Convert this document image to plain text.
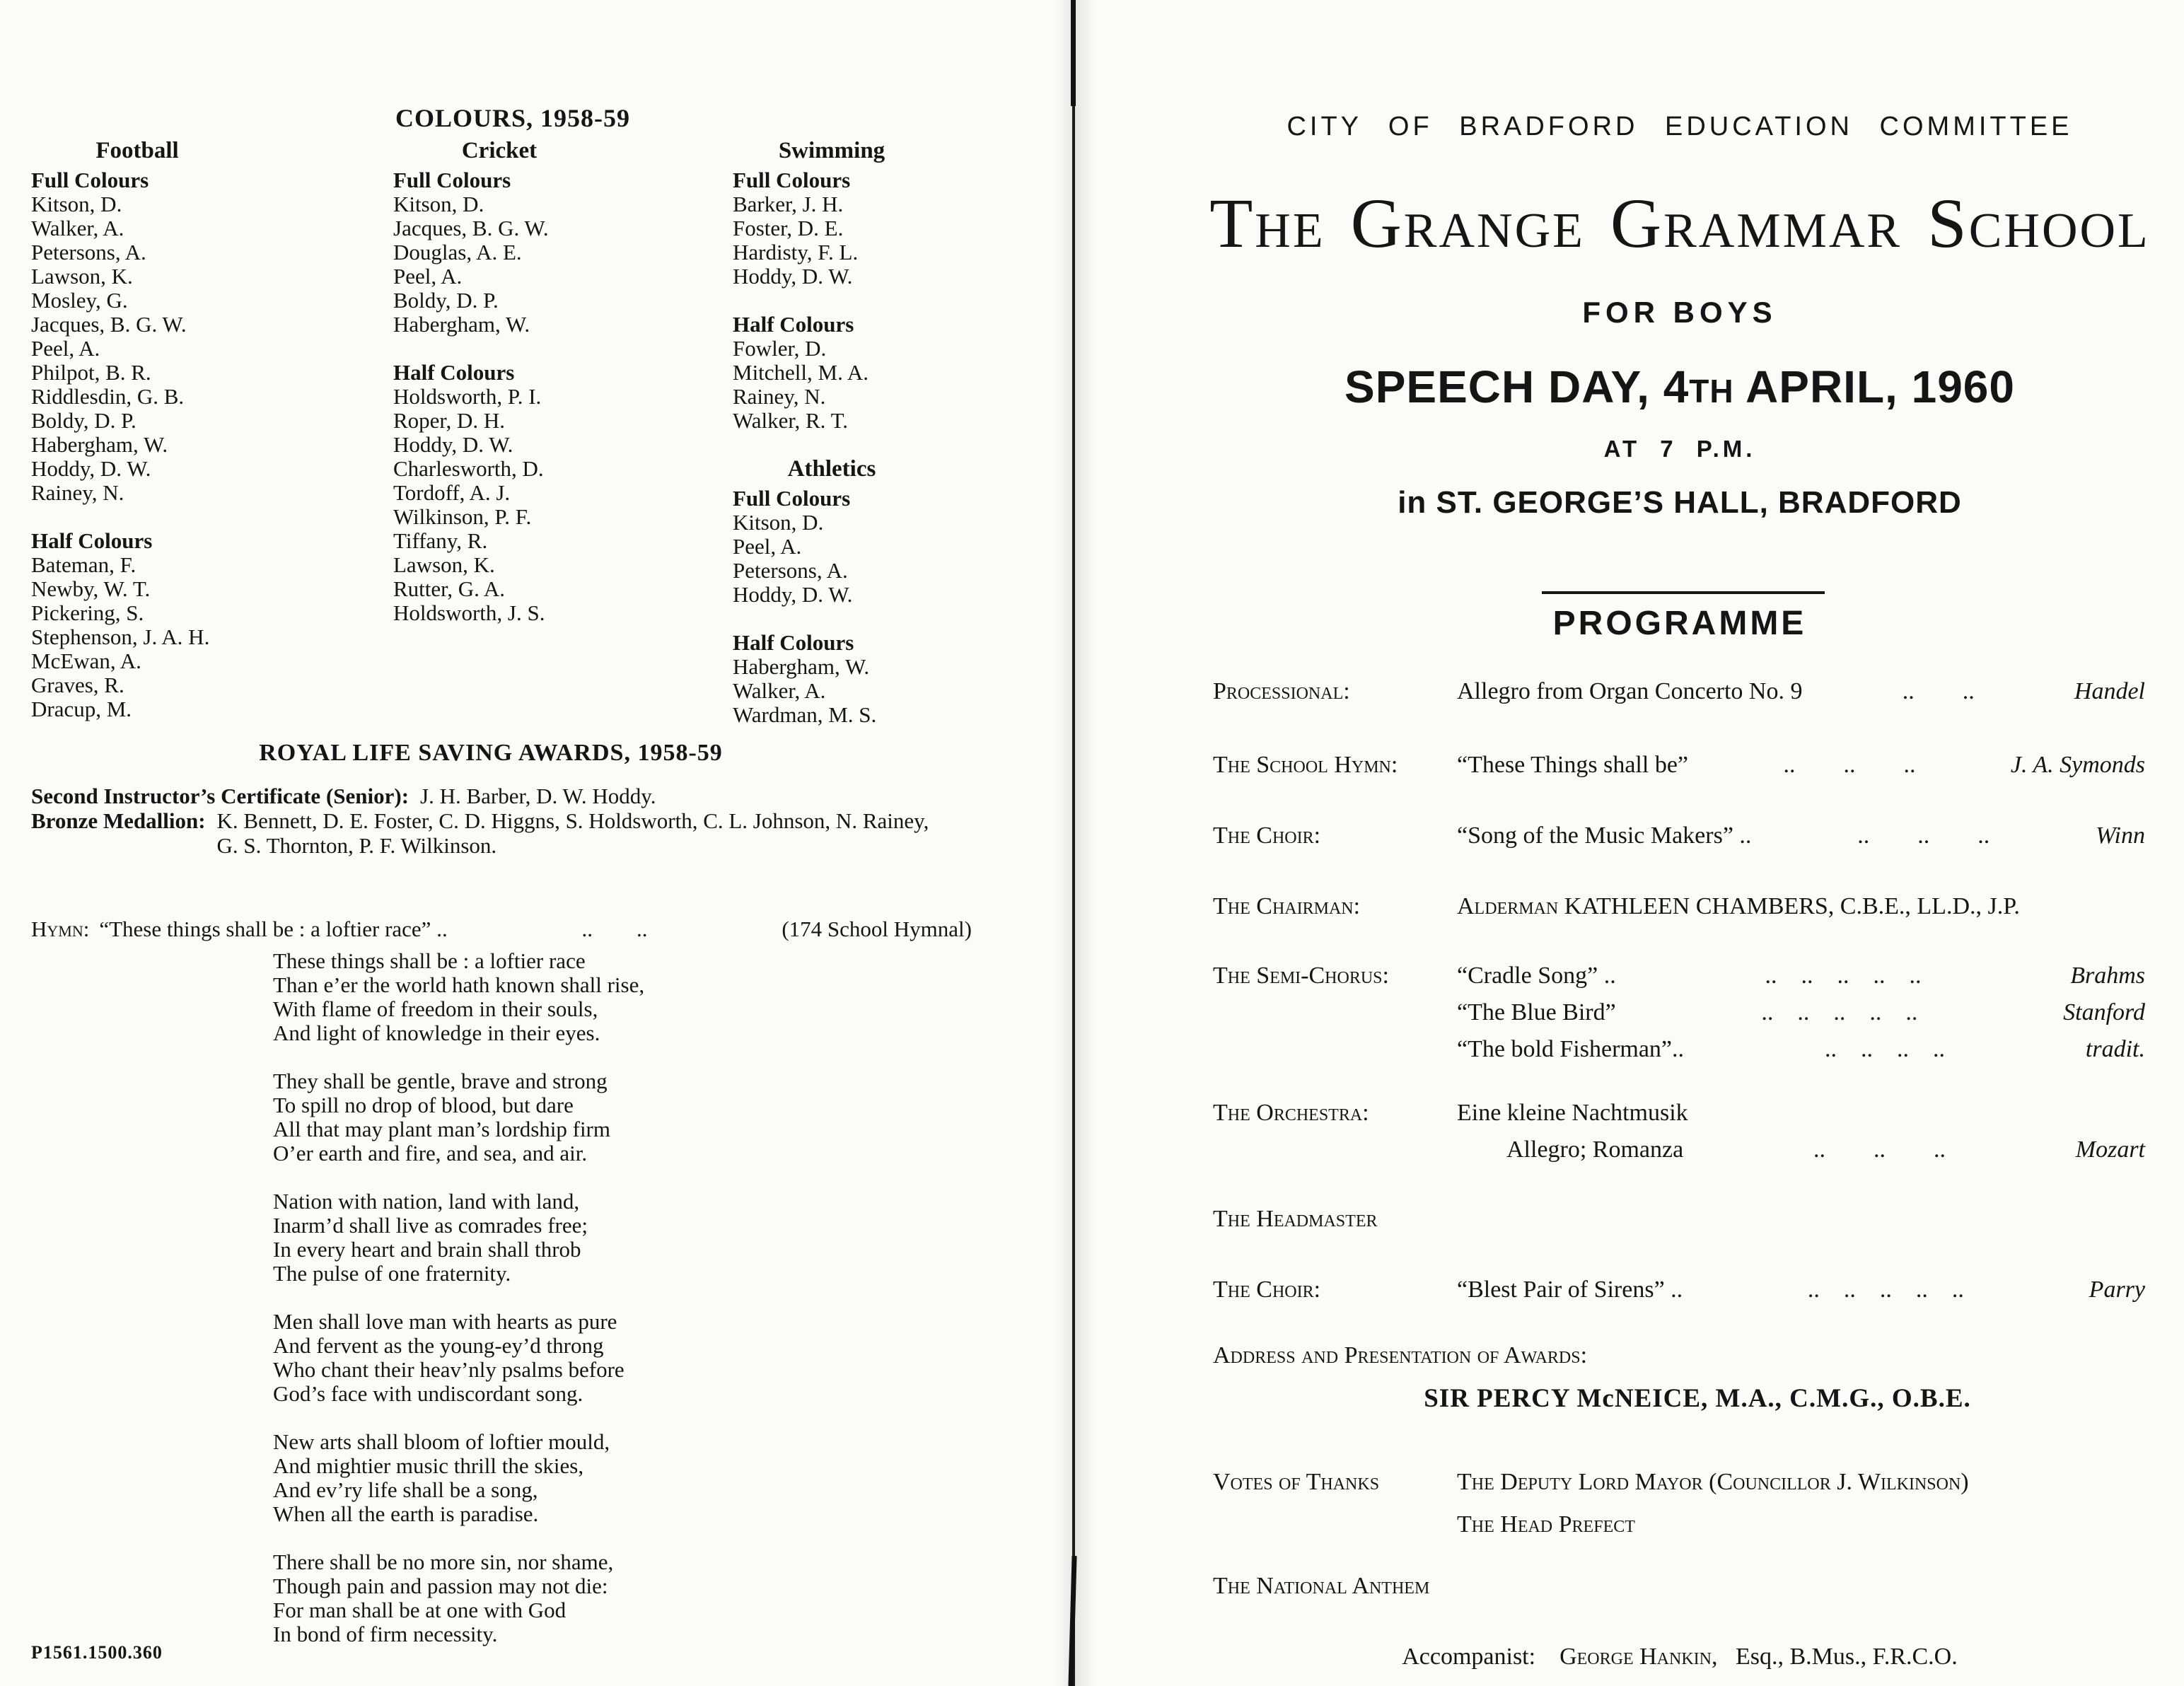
COLOURS, 1958-59
Football
Full Colours
Kitson, D.
Walker, A.
Petersons, A.
Lawson, K.
Mosley, G.
Jacques, B. G. W.
Peel, A.
Philpot, B. R.
Riddlesdin, G. B.
Boldy, D. P.
Habergham, W.
Hoddy, D. W.
Rainey, N.
Half Colours
Bateman, F.
Newby, W. T.
Pickering, S.
Stephenson, J. A. H.
McEwan, A.
Graves, R.
Dracup, M.
Cricket
Full Colours
Kitson, D.
Jacques, B. G. W.
Douglas, A. E.
Peel, A.
Boldy, D. P.
Habergham, W.
Half Colours
Holdsworth, P. I.
Roper, D. H.
Hoddy, D. W.
Charlesworth, D.
Tordoff, A. J.
Wilkinson, P. F.
Tiffany, R.
Lawson, K.
Rutter, G. A.
Holdsworth, J. S.
Swimming
Full Colours
Barker, J. H.
Foster, D. E.
Hardisty, F. L.
Hoddy, D. W.
Half Colours
Fowler, D.
Mitchell, M. A.
Rainey, N.
Walker, R. T.
Athletics
Full Colours
Kitson, D.
Peel, A.
Petersons, A.
Hoddy, D. W.
Half Colours
Habergham, W.
Walker, A.
Wardman, M. S.
ROYAL LIFE SAVING AWARDS, 1958-59
Second Instructor’s Certificate (Senior): J. H. Barber, D. W. Hoddy.
Bronze Medallion: K. Bennett, D. E. Foster, C. D. Higgns, S. Holdsworth, C. L. Johnson, N. Rainey, G. S. Thornton, P. F. Wilkinson.
Hymn: “These things shall be : a loftier race” ..	..  ..	(174 School Hymnal)
These things shall be : a loftier race
Than e’er the world hath known shall rise,
With flame of freedom in their souls,
And light of knowledge in their eyes.
They shall be gentle, brave and strong
To spill no drop of blood, but dare
All that may plant man’s lordship firm
O’er earth and fire, and sea, and air.
Nation with nation, land with land,
Inarm’d shall live as comrades free;
In every heart and brain shall throb
The pulse of one fraternity.
Men shall love man with hearts as pure
And fervent as the young-ey’d throng
Who chant their heav’nly psalms before
God’s face with undiscordant song.
New arts shall bloom of loftier mould,
And mightier music thrill the skies,
And ev’ry life shall be a song,
When all the earth is paradise.
There shall be no more sin, nor shame,
Though pain and passion may not die:
For man shall be at one with God
In bond of firm necessity.
P1561.1500.360
CITY OF BRADFORD EDUCATION COMMITTEE
The Grange Grammar School
FOR BOYS
SPEECH DAY, 4TH APRIL, 1960
AT 7 P.M.
in ST. GEORGE’S HALL, BRADFORD
PROGRAMME
Processional:	Allegro from Organ Concerto No. 9	..  ..	Handel
The School Hymn:	“These Things shall be”	..  ..  ..	J. A. Symonds
The Choir:	“Song of the Music Makers” ..	..  ..  ..	Winn
The Chairman:	Alderman KATHLEEN CHAMBERS, C.B.E., LL.D., J.P.
The Semi-Chorus:	“Cradle Song” ..	.. .. .. .. ..	Brahms
“The Blue Bird”	.. .. .. .. ..	Stanford
“The bold Fisherman”..	.. .. .. ..	tradit.
The Orchestra:	Eine kleine Nachtmusik
Allegro; Romanza	..  ..  ..	Mozart
The Headmaster
The Choir:	“Blest Pair of Sirens” ..	.. .. .. .. ..	Parry
Address and Presentation of Awards:
SIR PERCY McNEICE, M.A., C.M.G., O.B.E.
Votes of Thanks	The Deputy Lord Mayor (Councillor J. Wilkinson)
The Head Prefect
The National Anthem
Accompanist: George Hankin, Esq., B.Mus., F.R.C.O.
